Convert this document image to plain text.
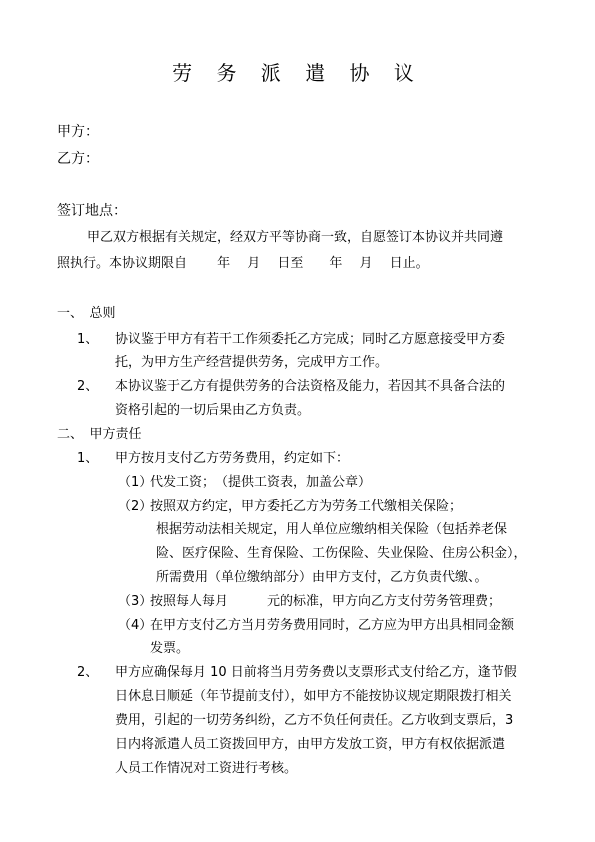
劳 务 派 遣 协 议
甲方：
乙方：
签订地点：
甲乙双方根据有关规定，经双方平等协商一致，自愿签订本协议并共同遵
照执行。本协议期限自　　 年　 月　 日至　　年　 月　 日止。
一、　总则
1、 协议鉴于甲方有若干工作须委托乙方完成；同时乙方愿意接受甲方委
托，为甲方生产经营提供劳务，完成甲方工作。
2、 本协议鉴于乙方有提供劳务的合法资格及能力，若因其不具备合法的
资格引起的一切后果由乙方负责。
二、　甲方责任
1、 甲方按月支付乙方劳务费用，约定如下：
（1）
代发工资；　（提供工资表，加盖公章）
（2）
按照双方约定，甲方委托乙方为劳务工代缴相关保险；
　根据劳动法相关规定，用人单位应缴纳相关保险（包括养老保
　险、医疗保险、生育保险、工伤保险、失业保险、住房公积金），
　所需费用（单位缴纳部分）由甲方支付，乙方负责代缴、。
（3）
按照每人每月　　　元的标准，甲方向乙方支付劳务管理费；
（4）
在甲方支付乙方当月劳务费用同时，乙方应为甲方出具相同金额
发票。
2、 甲方应确保每月 10 日前将当月劳务费以支票形式支付给乙方，逢节假
日休息日顺延（年节提前支付），如甲方不能按协议规定期限拨打相关
费用，引起的一切劳务纠纷，乙方不负任何责任。乙方收到支票后，3
日内将派遣人员工资拨回甲方，由甲方发放工资，甲方有权依据派遣
人员工作情况对工资进行考核。
